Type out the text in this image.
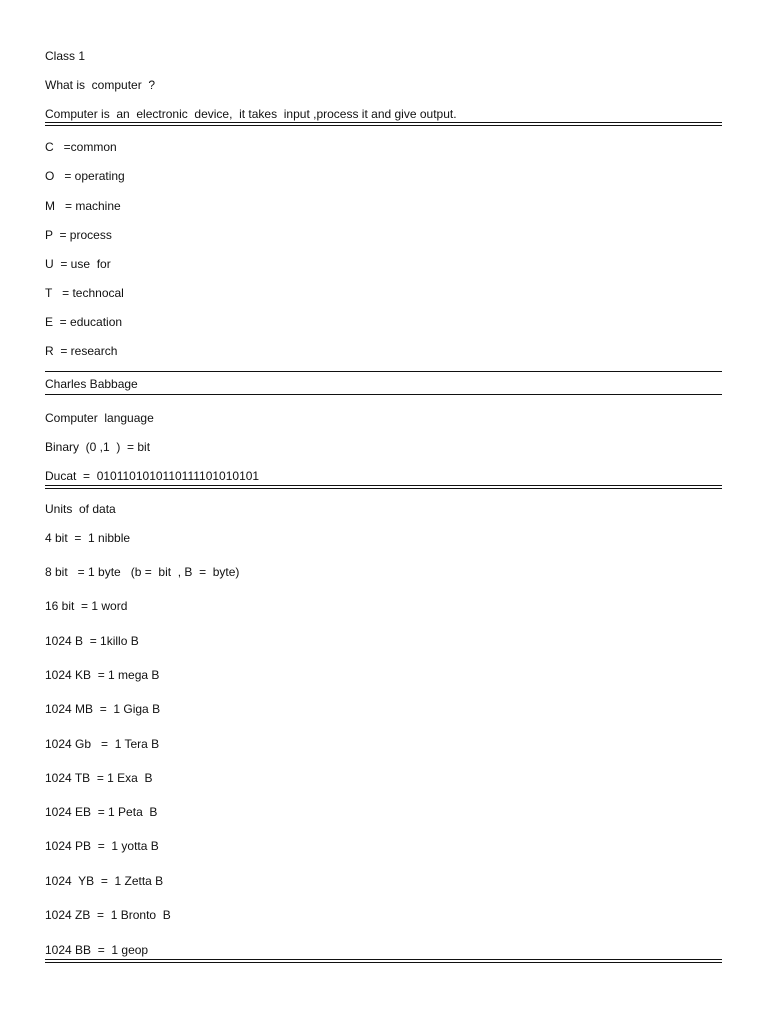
Class 1
What is  computer  ?
Computer is  an  electronic  device,  it takes  input ,process it and give output.
C   =common
O   = operating
M   = machine
P  = process
U  = use  for
T   = technocal
E  = education
R  = research
Charles Babbage
Computer  language
Binary  (0 ,1  )  = bit
Ducat  =  0101101010110111101010101
Units  of data
4 bit  =  1 nibble
8 bit   = 1 byte   (b =  bit  , B  =  byte)
16 bit  = 1 word
1024 B  = 1killo B
1024 KB  = 1 mega B
1024 MB  =  1 Giga B
1024 Gb   =  1 Tera B
1024 TB  = 1 Exa  B
1024 EB  = 1 Peta  B
1024 PB  =  1 yotta B
1024  YB  =  1 Zetta B
1024 ZB  =  1 Bronto  B
1024 BB  =  1 geop
